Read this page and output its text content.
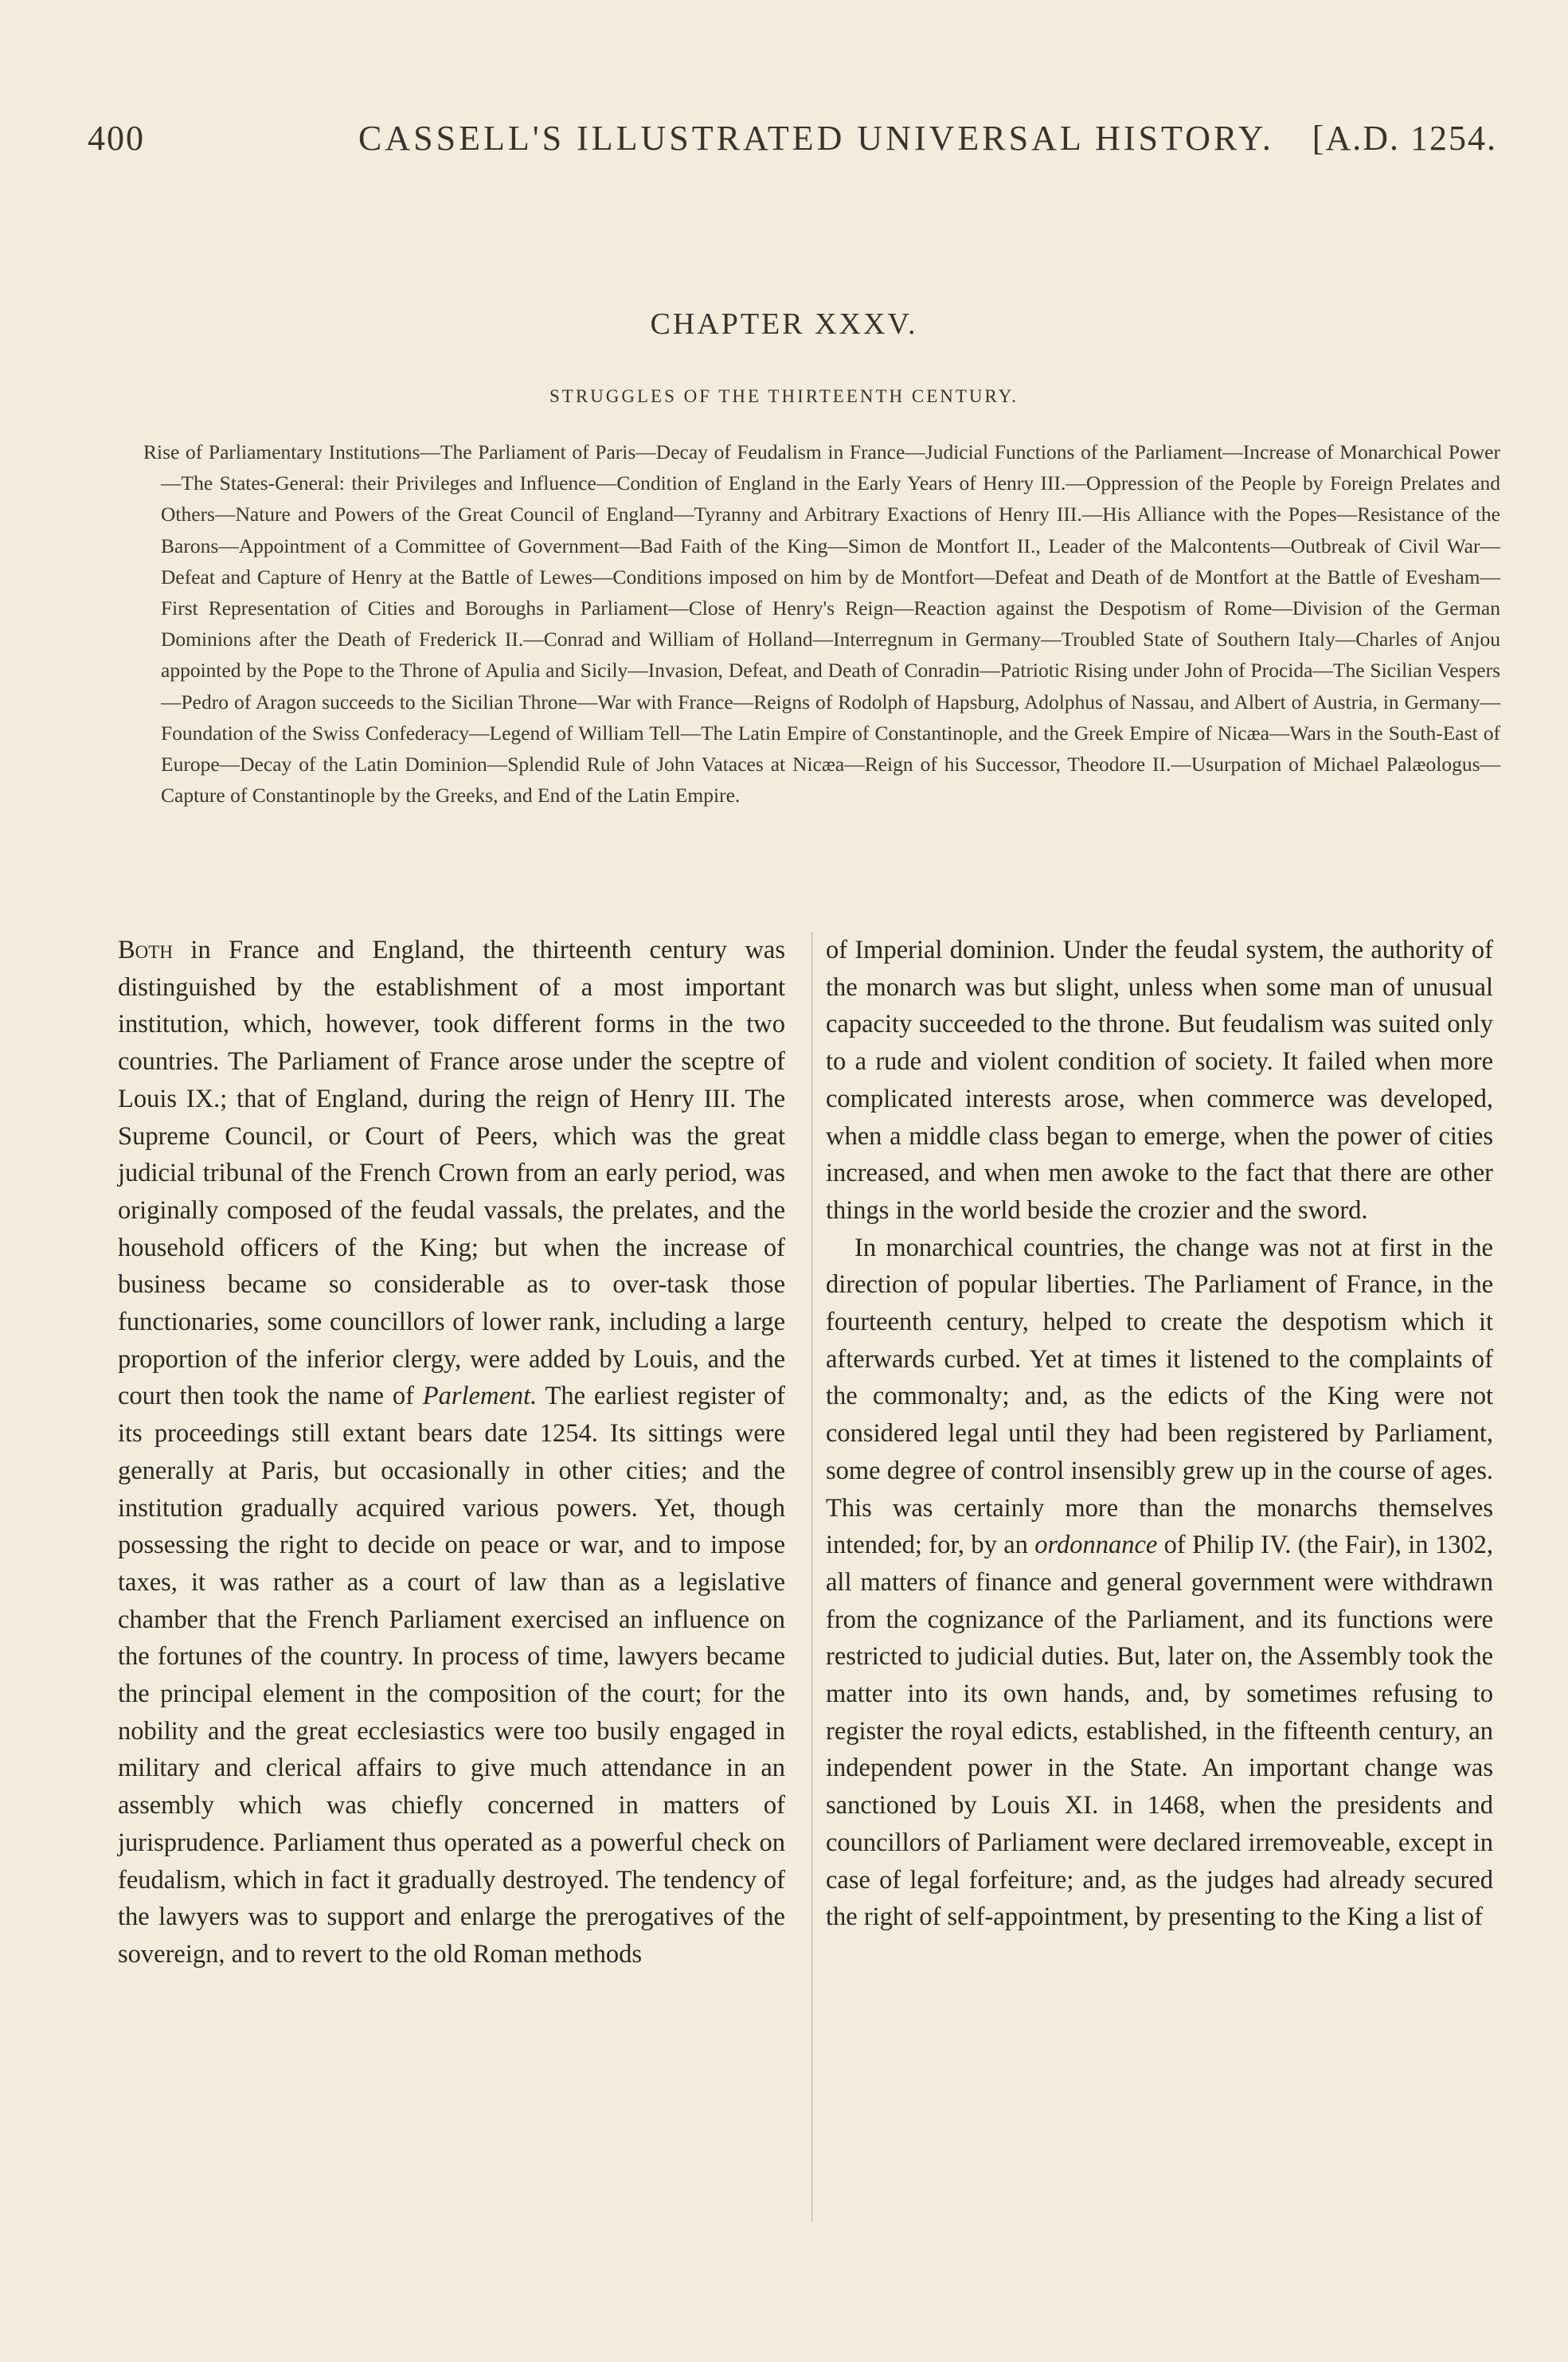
400	CASSELL'S ILLUSTRATED UNIVERSAL HISTORY. [A.D. 1254.
CHAPTER XXXV.
STRUGGLES OF THE THIRTEENTH CENTURY.
Rise of Parliamentary Institutions—The Parliament of Paris—Decay of Feudalism in France—Judicial Functions of the Parliament—Increase of Monarchical Power—The States-General: their Privileges and Influence—Condition of England in the Early Years of Henry III.—Oppression of the People by Foreign Prelates and Others—Nature and Powers of the Great Council of England—Tyranny and Arbitrary Exactions of Henry III.—His Alliance with the Popes—Resistance of the Barons—Appointment of a Committee of Government—Bad Faith of the King—Simon de Montfort II., Leader of the Malcontents—Outbreak of Civil War—Defeat and Capture of Henry at the Battle of Lewes—Conditions imposed on him by de Montfort—Defeat and Death of de Montfort at the Battle of Evesham—First Representation of Cities and Boroughs in Parliament—Close of Henry's Reign—Reaction against the Despotism of Rome—Division of the German Dominions after the Death of Frederick II.—Conrad and William of Holland—Interregnum in Germany—Troubled State of Southern Italy—Charles of Anjou appointed by the Pope to the Throne of Apulia and Sicily—Invasion, Defeat, and Death of Conradin—Patriotic Rising under John of Procida—The Sicilian Vespers—Pedro of Aragon succeeds to the Sicilian Throne—War with France—Reigns of Rodolph of Hapsburg, Adolphus of Nassau, and Albert of Austria, in Germany—Foundation of the Swiss Confederacy—Legend of William Tell—The Latin Empire of Constantinople, and the Greek Empire of Nicæa—Wars in the South-East of Europe—Decay of the Latin Dominion—Splendid Rule of John Vataces at Nicæa—Reign of his Successor, Theodore II.—Usurpation of Michael Palæologus—Capture of Constantinople by the Greeks, and End of the Latin Empire.

Both in France and England, the thirteenth century was distinguished by the establishment of a most important institution, which, however, took different forms in the two countries. The Parliament of France arose under the sceptre of Louis IX.; that of England, during the reign of Henry III. The Supreme Council, or Court of Peers, which was the great judicial tribunal of the French Crown from an early period, was originally composed of the feudal vassals, the prelates, and the household officers of the King; but when the increase of business became so considerable as to over-task those functionaries, some councillors of lower rank, including a large proportion of the inferior clergy, were added by Louis, and the court then took the name of Parlement. The earliest register of its proceedings still extant bears date 1254. Its sittings were generally at Paris, but occasionally in other cities; and the institution gradually acquired various powers. Yet, though possessing the right to decide on peace or war, and to impose taxes, it was rather as a court of law than as a legislative chamber that the French Parliament exercised an influence on the fortunes of the country. In process of time, lawyers became the principal element in the composition of the court; for the nobility and the great ecclesiastics were too busily engaged in military and clerical affairs to give much attendance in an assembly which was chiefly concerned in matters of jurisprudence. Parliament thus operated as a powerful check on feudalism, which in fact it gradually destroyed. The tendency of the lawyers was to support and enlarge the prerogatives of the sovereign, and to revert to the old Roman methods

of Imperial dominion. Under the feudal system, the authority of the monarch was but slight, unless when some man of unusual capacity succeeded to the throne. But feudalism was suited only to a rude and violent condition of society. It failed when more complicated interests arose, when commerce was developed, when a middle class began to emerge, when the power of cities increased, and when men awoke to the fact that there are other things in the world beside the crozier and the sword.

In monarchical countries, the change was not at first in the direction of popular liberties. The Parliament of France, in the fourteenth century, helped to create the despotism which it afterwards curbed. Yet at times it listened to the complaints of the commonalty; and, as the edicts of the King were not considered legal until they had been registered by Parliament, some degree of control insensibly grew up in the course of ages. This was certainly more than the monarchs themselves intended; for, by an ordonnance of Philip IV. (the Fair), in 1302, all matters of finance and general government were withdrawn from the cognizance of the Parliament, and its functions were restricted to judicial duties. But, later on, the Assembly took the matter into its own hands, and, by sometimes refusing to register the royal edicts, established, in the fifteenth century, an independent power in the State. An important change was sanctioned by Louis XI. in 1468, when the presidents and councillors of Parliament were declared irremoveable, except in case of legal forfeiture; and, as the judges had already secured the right of self-appointment, by presenting to the King a list of
